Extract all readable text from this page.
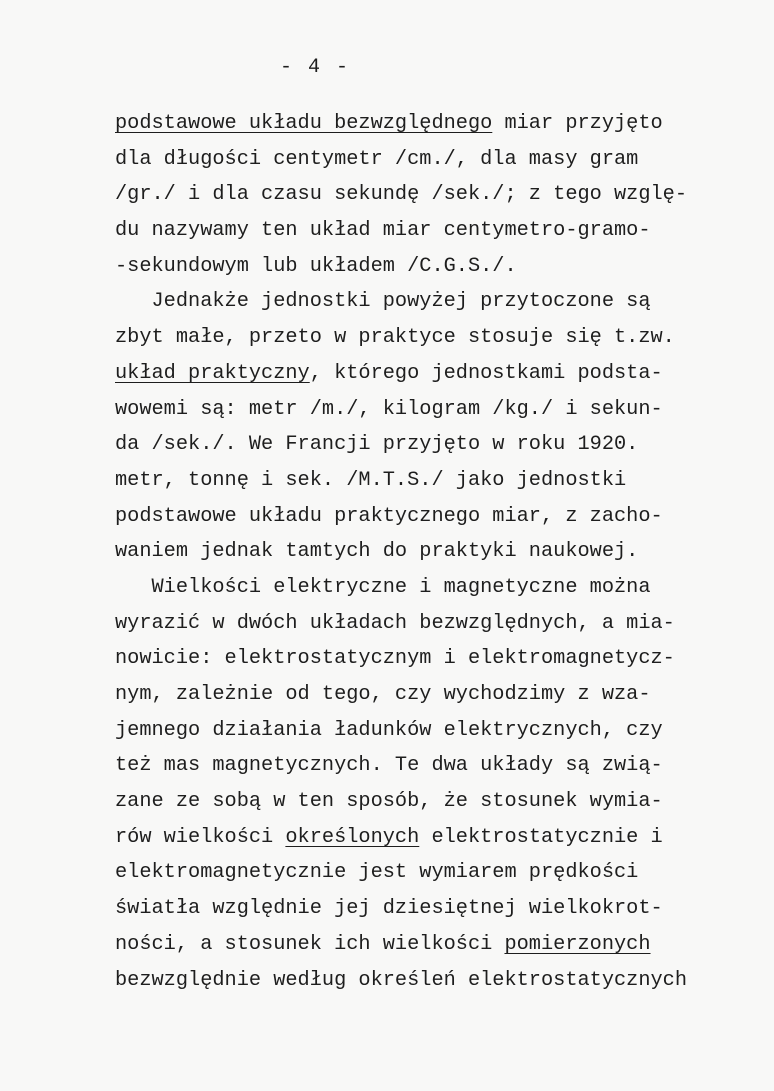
- 4 -
podstawowe układu bezwzględnego miar przyjęto
dla długości centymetr /cm./, dla masy gram
/gr./ i dla czasu sekundę /sek./; z tego wzglę-
du nazywamy ten układ miar centymetro-gramo-
-sekundowym lub układem /C.G.S./.
Jednakże jednostki powyżej przytoczone są
zbyt małe, przeto w praktyce stosuje się t.zw.
układ praktyczny, którego jednostkami podsta-
wowemi są: metr /m./, kilogram /kg./ i sekun-
da /sek./. We Francji przyjęto w roku 1920.
metr, tonnę i sek. /M.T.S./ jako jednostki
podstawowe układu praktycznego miar, z zacho-
waniem jednak tamtych do praktyki naukowej.
Wielkości elektryczne i magnetyczne można
wyrazić w dwóch układach bezwzględnych, a mia-
nowicie: elektrostatycznym i elektromagnetycz-
nym, zależnie od tego, czy wychodzimy z wza-
jemnego działania ładunków elektrycznych, czy
też mas magnetycznych. Te dwa układy są zwią-
zane ze sobą w ten sposób, że stosunek wymia-
rów wielkości określonych elektrostatycznie i
elektromagnetycznie jest wymiarem prędkości
światła względnie jej dziesiętnej wielkokrot-
ności, a stosunek ich wielkości pomierzonych
bezwzględnie według określeń elektrostatycznych
